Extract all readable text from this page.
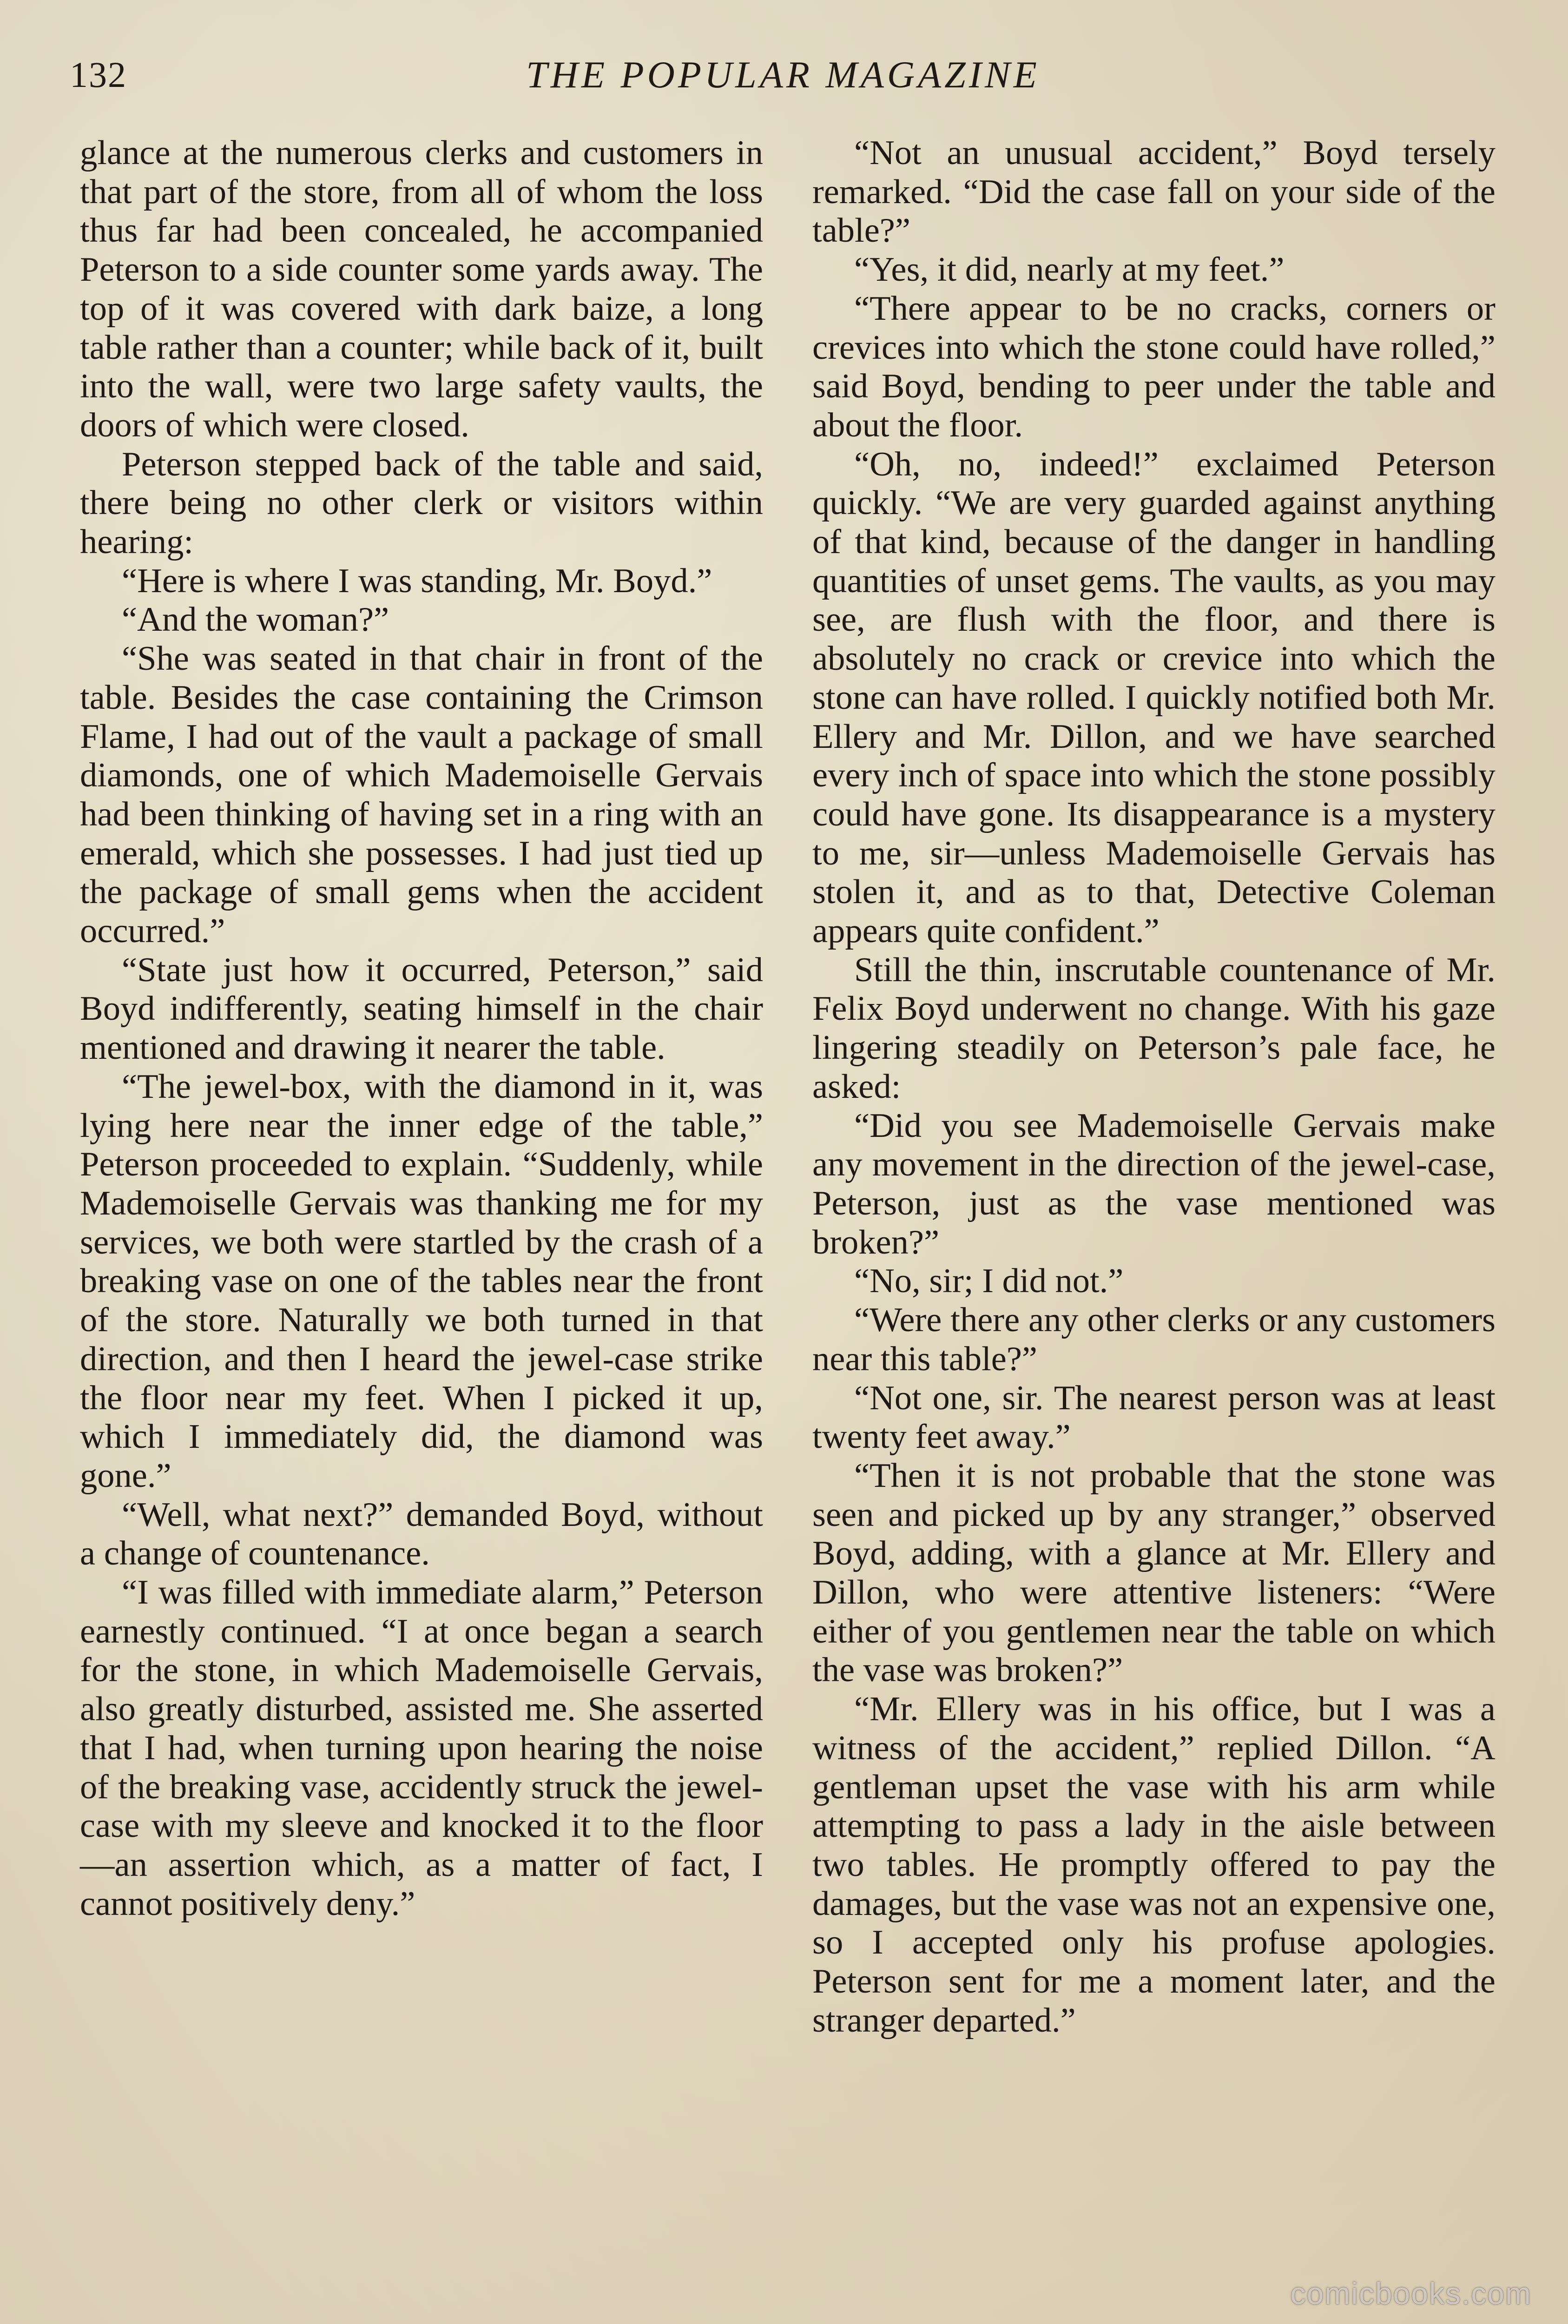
132	THE POPULAR MAGAZINE

glance at the numerous clerks and customers in that part of the store, from all of whom the loss thus far had been concealed, he accompanied Peterson to a side counter some yards away. The top of it was covered with dark baize, a long table rather than a counter; while back of it, built into the wall, were two large safety vaults, the doors of which were closed.

Peterson stepped back of the table and said, there being no other clerk or visitors within hearing:

“Here is where I was standing, Mr. Boyd.”

“And the woman?”

“She was seated in that chair in front of the table. Besides the case containing the Crimson Flame, I had out of the vault a package of small diamonds, one of which Mademoiselle Gervais had been thinking of having set in a ring with an emerald, which she possesses. I had just tied up the package of small gems when the accident occurred.”

“State just how it occurred, Peterson,” said Boyd indifferently, seating himself in the chair mentioned and drawing it nearer the table.

“The jewel-box, with the diamond in it, was lying here near the inner edge of the table,” Peterson proceeded to explain. “Suddenly, while Mademoiselle Gervais was thanking me for my services, we both were startled by the crash of a breaking vase on one of the tables near the front of the store. Naturally we both turned in that direction, and then I heard the jewel-case strike the floor near my feet. When I picked it up, which I immediately did, the diamond was gone.”

“Well, what next?” demanded Boyd, without a change of countenance.

“I was filled with immediate alarm,” Peterson earnestly continued. “I at once began a search for the stone, in which Mademoiselle Gervais, also greatly disturbed, assisted me. She asserted that I had, when turning upon hearing the noise of the breaking vase, accidently struck the jewel-case with my sleeve and knocked it to the floor—an assertion which, as a matter of fact, I cannot positively deny.”

“Not an unusual accident,” Boyd tersely remarked. “Did the case fall on your side of the table?”

“Yes, it did, nearly at my feet.”

“There appear to be no cracks, corners or crevices into which the stone could have rolled,” said Boyd, bending to peer under the table and about the floor.

“Oh, no, indeed!” exclaimed Peterson quickly. “We are very guarded against anything of that kind, because of the danger in handling quantities of unset gems. The vaults, as you may see, are flush with the floor, and there is absolutely no crack or crevice into which the stone can have rolled. I quickly notified both Mr. Ellery and Mr. Dillon, and we have searched every inch of space into which the stone possibly could have gone. Its disappearance is a mystery to me, sir—unless Mademoiselle Gervais has stolen it, and as to that, Detective Coleman appears quite confident.”

Still the thin, inscrutable countenance of Mr. Felix Boyd underwent no change. With his gaze lingering steadily on Peterson’s pale face, he asked:

“Did you see Mademoiselle Gervais make any movement in the direction of the jewel-case, Peterson, just as the vase mentioned was broken?”

“No, sir; I did not.”

“Were there any other clerks or any customers near this table?”

“Not one, sir. The nearest person was at least twenty feet away.”

“Then it is not probable that the stone was seen and picked up by any stranger,” observed Boyd, adding, with a glance at Mr. Ellery and Dillon, who were attentive listeners: “Were either of you gentlemen near the table on which the vase was broken?”

“Mr. Ellery was in his office, but I was a witness of the accident,” replied Dillon. “A gentleman upset the vase with his arm while attempting to pass a lady in the aisle between two tables. He promptly offered to pay the damages, but the vase was not an expensive one, so I accepted only his profuse apologies. Peterson sent for me a moment later, and the stranger departed.”

comicbooks.com
